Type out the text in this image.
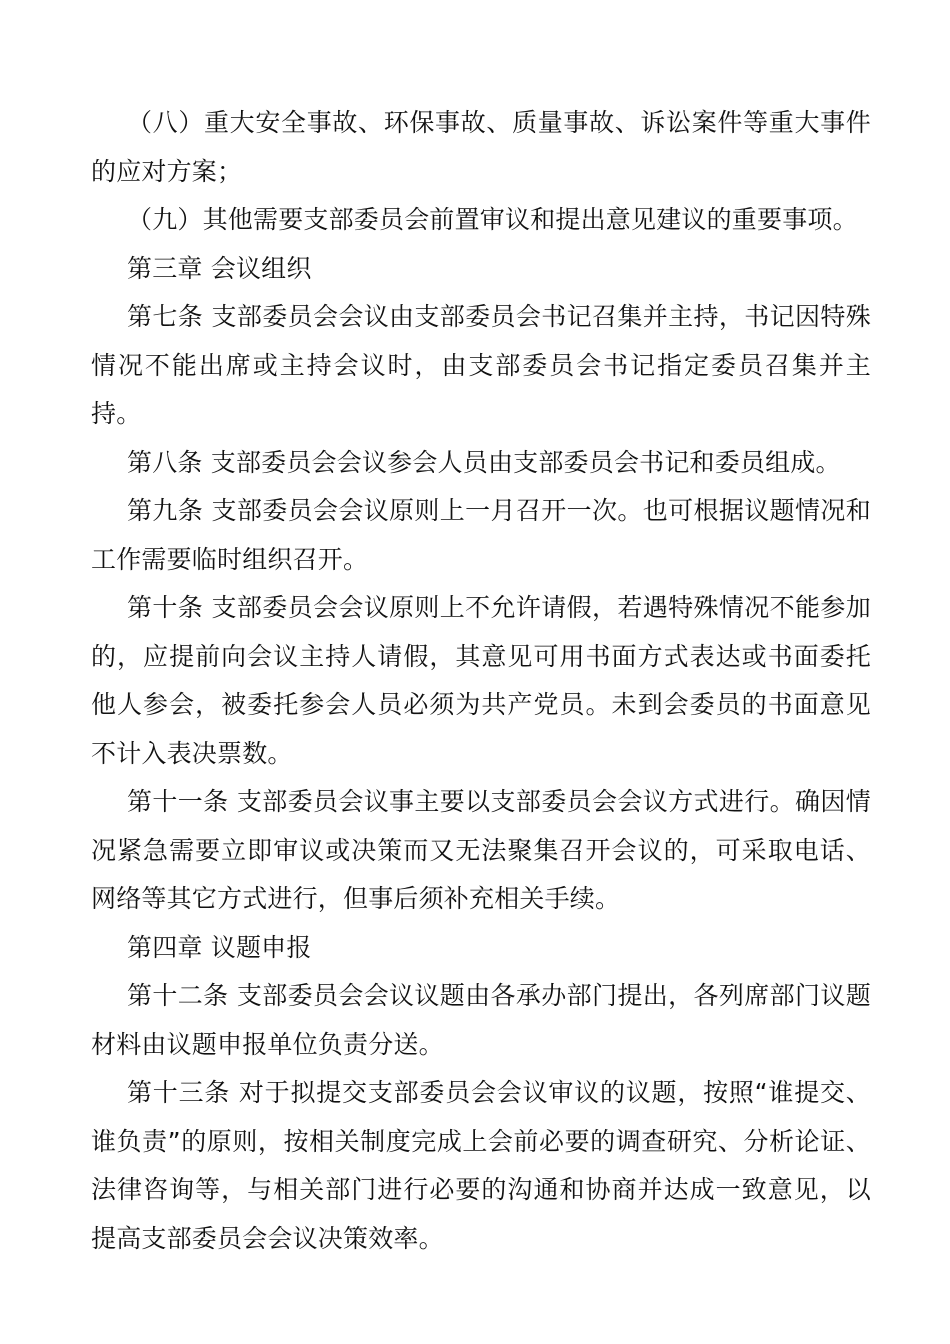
（八）重大安全事故、环保事故、质量事故、诉讼案件等重大事件的应对方案；

（九）其他需要支部委员会前置审议和提出意见建议的重要事项。

第三章 会议组织

第七条 支部委员会会议由支部委员会书记召集并主持，书记因特殊情况不能出席或主持会议时，由支部委员会书记指定委员召集并主持。

第八条 支部委员会会议参会人员由支部委员会书记和委员组成。

第九条 支部委员会会议原则上一月召开一次。也可根据议题情况和工作需要临时组织召开。

第十条 支部委员会会议原则上不允许请假，若遇特殊情况不能参加的，应提前向会议主持人请假，其意见可用书面方式表达或书面委托他人参会，被委托参会人员必须为共产党员。未到会委员的书面意见不计入表决票数。

第十一条 支部委员会议事主要以支部委员会会议方式进行。确因情况紧急需要立即审议或决策而又无法聚集召开会议的，可采取电话、网络等其它方式进行，但事后须补充相关手续。

第四章 议题申报

第十二条 支部委员会会议议题由各承办部门提出，各列席部门议题材料由议题申报单位负责分送。

第十三条 对于拟提交支部委员会会议审议的议题，按照“谁提交、谁负责”的原则，按相关制度完成上会前必要的调查研究、分析论证、法律咨询等，与相关部门进行必要的沟通和协商并达成一致意见，以提高支部委员会会议决策效率。
